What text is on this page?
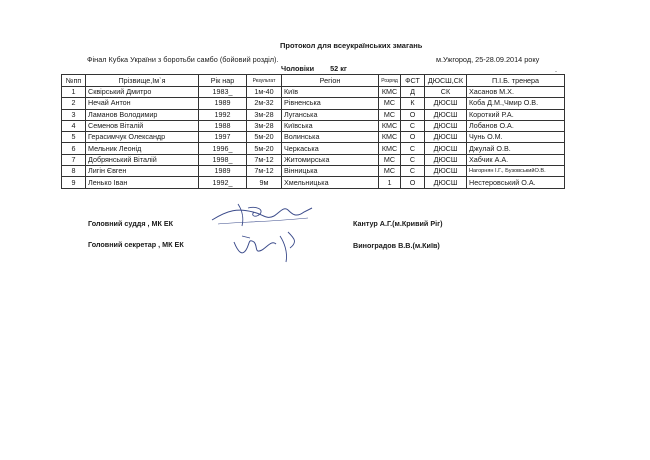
Протокол для всеукраїнських змагань
Фінал Кубка України з боротьби самбо (бойовий розділ).	м.Ужгород, 25-28.09.2014 року
Чоловіки 52 кг	-
№пп	Прізвище,Ім`я	Рік нар	Результат	Регіон	Розряд	ФСТ	ДЮСШ,СК	П.І.Б. тренера
1	Сквірський Дмитро	1983_	1м-40	Київ	КМС	Д	СК	Хасанов М.Х.
2	Нечай Антон	1989	2м-32	Рівненська	МС	К	ДЮСШ	Коба Д.М.,Чмир О.В.
3	Ламанов Володимир	1992	3м-28	Луганська	МС	О	ДЮСШ	Короткий Р.А.
4	Семенов Віталій	1988	3м-28	Київська	КМС	С	ДЮСШ	Лобанов О.А.
5	Герасимчук Олександр	1997	5м-20	Волинська	КМС	О	ДЮСШ	Чунь О.М.
6	Мельник Леонід	1996_	5м-20	Черкаська	КМС	С	ДЮСШ	Джулай О.В.
7	Добрянський Віталій	1998_	7м-12	Житомирська	МС	С	ДЮСШ	Хабчик А.А.
8	Лигін Євген	1989	7м-12	Вінницька	МС	С	ДЮСШ	Нагорнян І.Г., БузовськийО.В.
9	Ленько Іван	1992_	9м	Хмельницька	1	О	ДЮСШ	Нестеровський О.А.
Головний суддя , МК ЕК	Кантур А.Г.(м.Кривий Ріг)
Головний секретар , МК ЕК	Виноградов В.В.(м.Київ)
